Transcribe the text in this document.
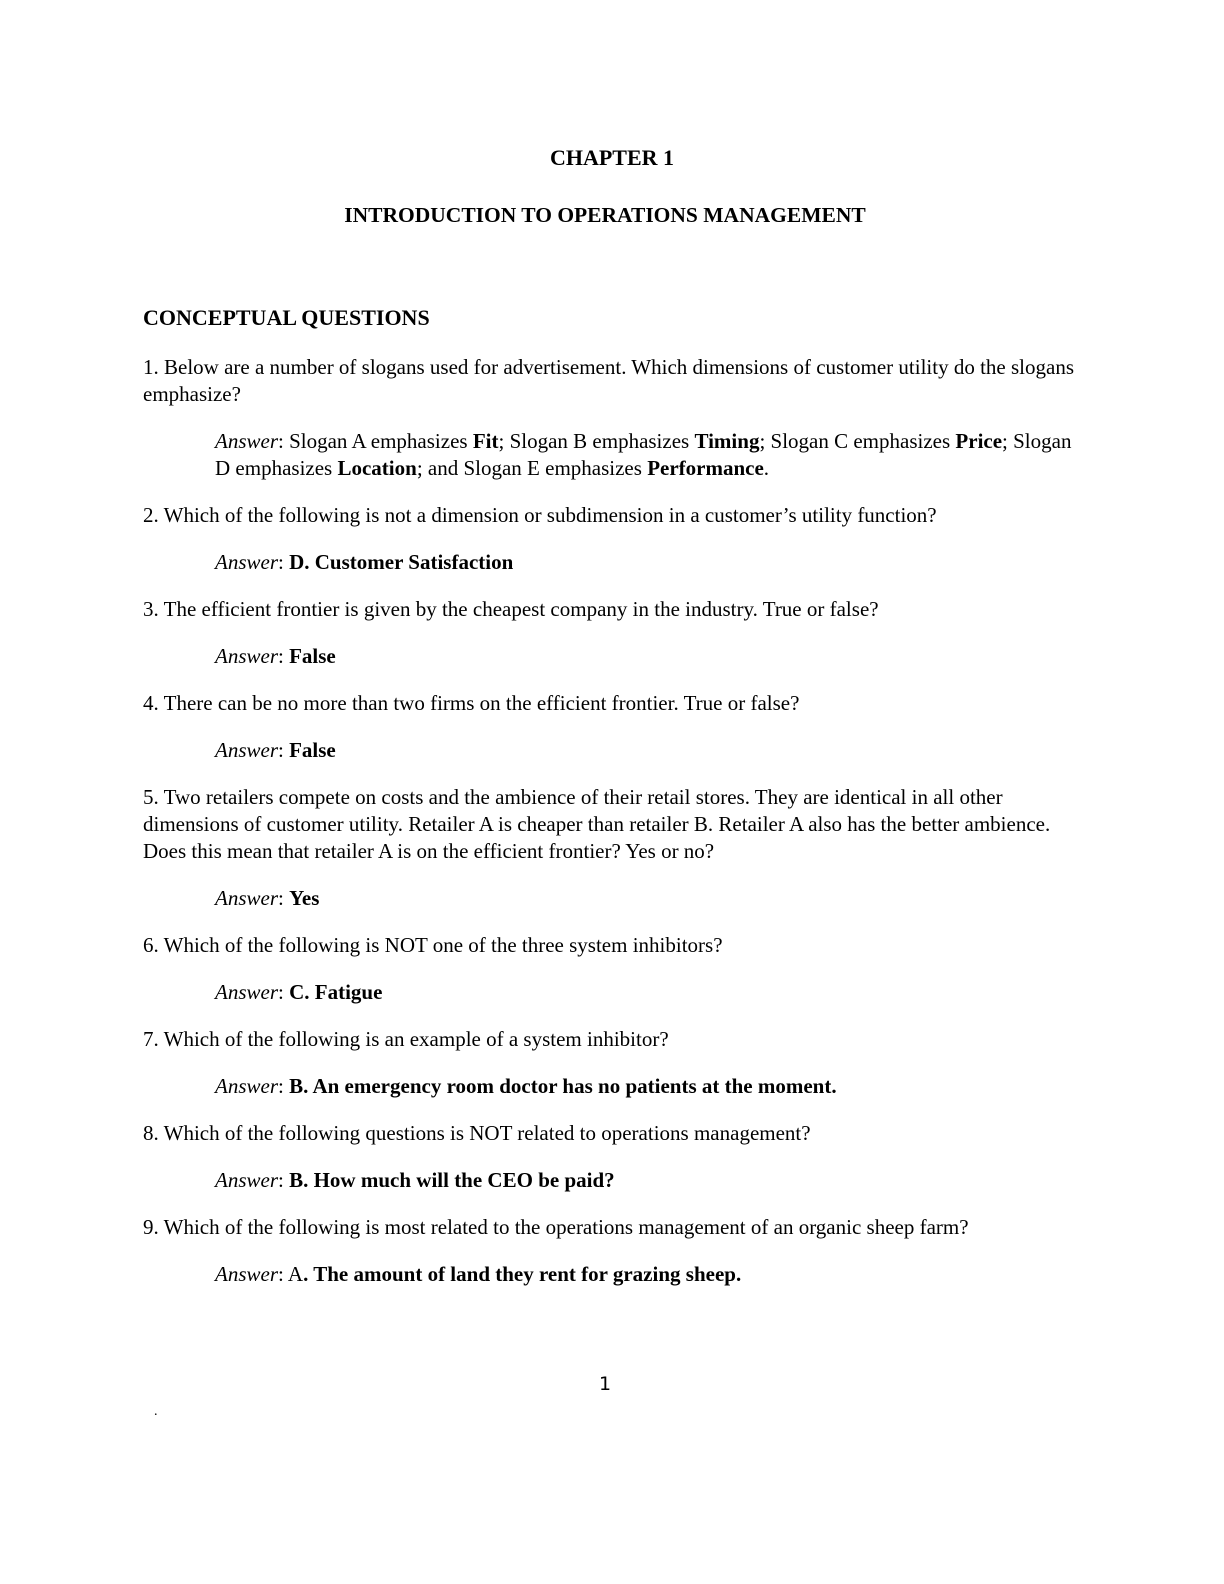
CHAPTER 1

INTRODUCTION TO OPERATIONS MANAGEMENT

CONCEPTUAL QUESTIONS

1. Below are a number of slogans used for advertisement. Which dimensions of customer utility do the slogans emphasize?

Answer: Slogan A emphasizes Fit; Slogan B emphasizes Timing; Slogan C emphasizes Price; Slogan D emphasizes Location; and Slogan E emphasizes Performance.

2. Which of the following is not a dimension or subdimension in a customer’s utility function?

Answer: D. Customer Satisfaction

3. The efficient frontier is given by the cheapest company in the industry. True or false?

Answer: False

4. There can be no more than two firms on the efficient frontier. True or false?

Answer: False

5. Two retailers compete on costs and the ambience of their retail stores. They are identical in all other dimensions of customer utility. Retailer A is cheaper than retailer B. Retailer A also has the better ambience. Does this mean that retailer A is on the efficient frontier? Yes or no?

Answer: Yes

6. Which of the following is NOT one of the three system inhibitors?

Answer: C. Fatigue

7. Which of the following is an example of a system inhibitor?

Answer: B. An emergency room doctor has no patients at the moment.

8. Which of the following questions is NOT related to operations management?

Answer: B. How much will the CEO be paid?

9. Which of the following is most related to the operations management of an organic sheep farm?

Answer: A. The amount of land they rent for grazing sheep.

1
.
